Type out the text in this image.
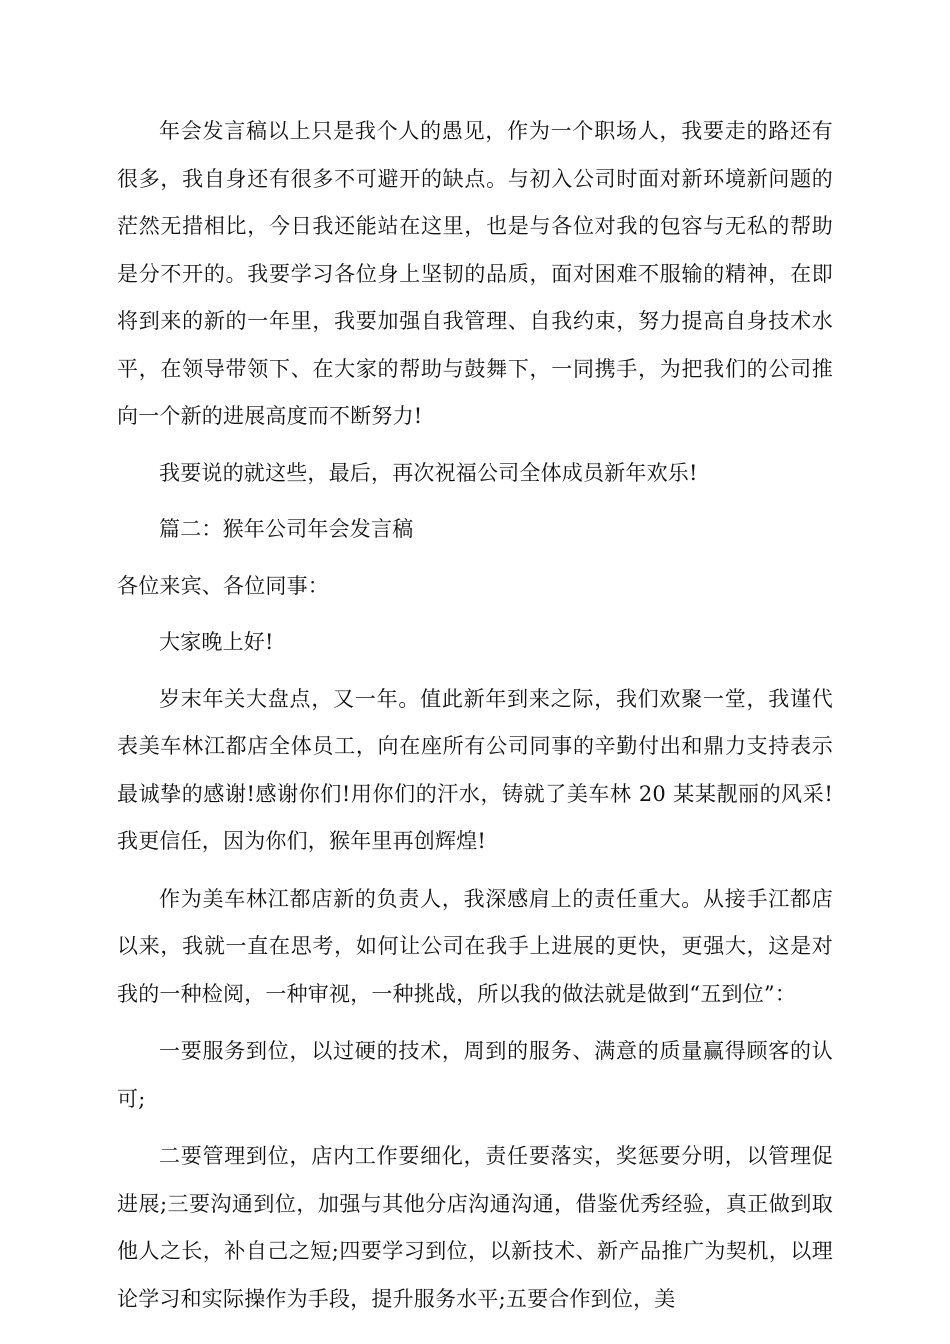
年会发言稿以上只是我个人的愚见，作为一个职场人，我要走的路还有很多，我自身还有很多不可避开的缺点。与初入公司时面对新环境新问题的茫然无措相比，今日我还能站在这里，也是与各位对我的包容与无私的帮助是分不开的。我要学习各位身上坚韧的品质，面对困难不服输的精神，在即将到来的新的一年里，我要加强自我管理、自我约束，努力提高自身技术水平，在领导带领下、在大家的帮助与鼓舞下，一同携手，为把我们的公司推向一个新的进展高度而不断努力!

我要说的就这些，最后，再次祝福公司全体成员新年欢乐!

篇二：猴年公司年会发言稿

各位来宾、各位同事：

大家晚上好!

岁末年关大盘点，又一年。值此新年到来之际，我们欢聚一堂，我谨代表美车林江都店全体员工，向在座所有公司同事的辛勤付出和鼎力支持表示最诚挚的感谢!感谢你们!用你们的汗水，铸就了美车林 20 某某靓丽的风采!我更信任，因为你们，猴年里再创辉煌!

作为美车林江都店新的负责人，我深感肩上的责任重大。从接手江都店以来，我就一直在思考，如何让公司在我手上进展的更快，更强大，这是对我的一种检阅，一种审视，一种挑战，所以我的做法就是做到“五到位”：

一要服务到位，以过硬的技术，周到的服务、满意的质量赢得顾客的认可;

二要管理到位，店内工作要细化，责任要落实，奖惩要分明，以管理促进展;三要沟通到位，加强与其他分店沟通沟通，借鉴优秀经验，真正做到取他人之长，补自己之短;四要学习到位，以新技术、新产品推广为契机，以理论学习和实际操作为手段，提升服务水平;五要合作到位，美
